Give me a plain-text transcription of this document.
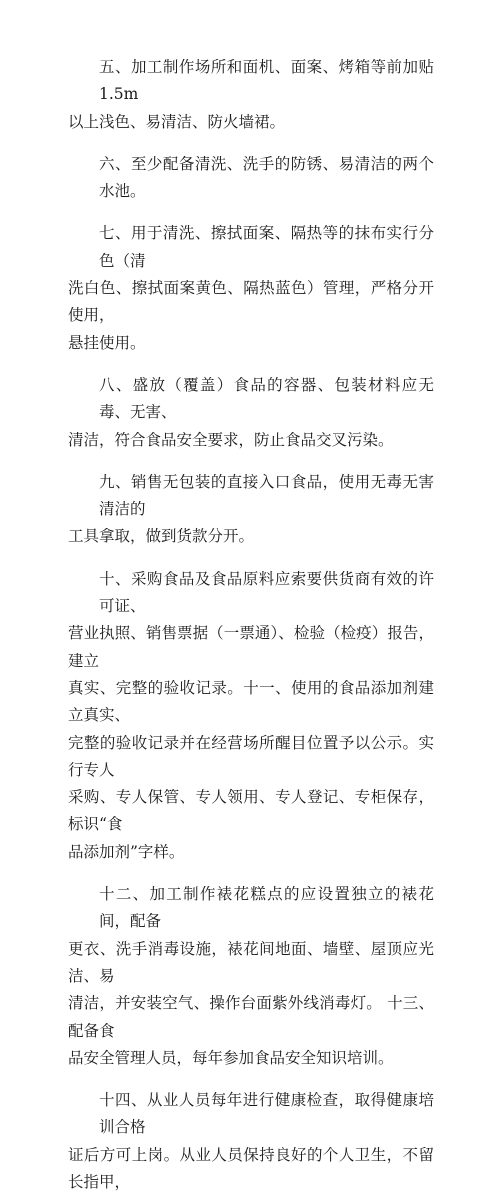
五、加工制作场所和面机、面案、烤箱等前加贴 1.5m
以上浅色、易清洁、防火墙裙。
六、至少配备清洗、洗手的防锈、易清洁的两个水池。
七、用于清洗、擦拭面案、隔热等的抹布实行分色（清
洗白色、擦拭面案黄色、隔热蓝色）管理，严格分开使用，
悬挂使用。
八、盛放（覆盖）食品的容器、包装材料应无毒、无害、
清洁，符合食品安全要求，防止食品交叉污染。
九、销售无包装的直接入口食品，使用无毒无害清洁的
工具拿取，做到货款分开。
十、采购食品及食品原料应索要供货商有效的许可证、
营业执照、销售票据（一票通）、检验（检疫）报告，建立
真实、完整的验收记录。十一、使用的食品添加剂建立真实、
完整的验收记录并在经营场所醒目位置予以公示。实行专人
采购、专人保管、专人领用、专人登记、专柜保存，标识“食
品添加剂”字样。
十二、加工制作裱花糕点的应设置独立的裱花间，配备
更衣、洗手消毒设施，裱花间地面、墙壁、屋顶应光洁、易
清洁，并安装空气、操作台面紫外线消毒灯。 十三、配备食
品安全管理人员，每年参加食品安全知识培训。
十四、从业人员每年进行健康检查，取得健康培训合格
证后方可上岗。从业人员保持良好的个人卫生，不留长指甲，
